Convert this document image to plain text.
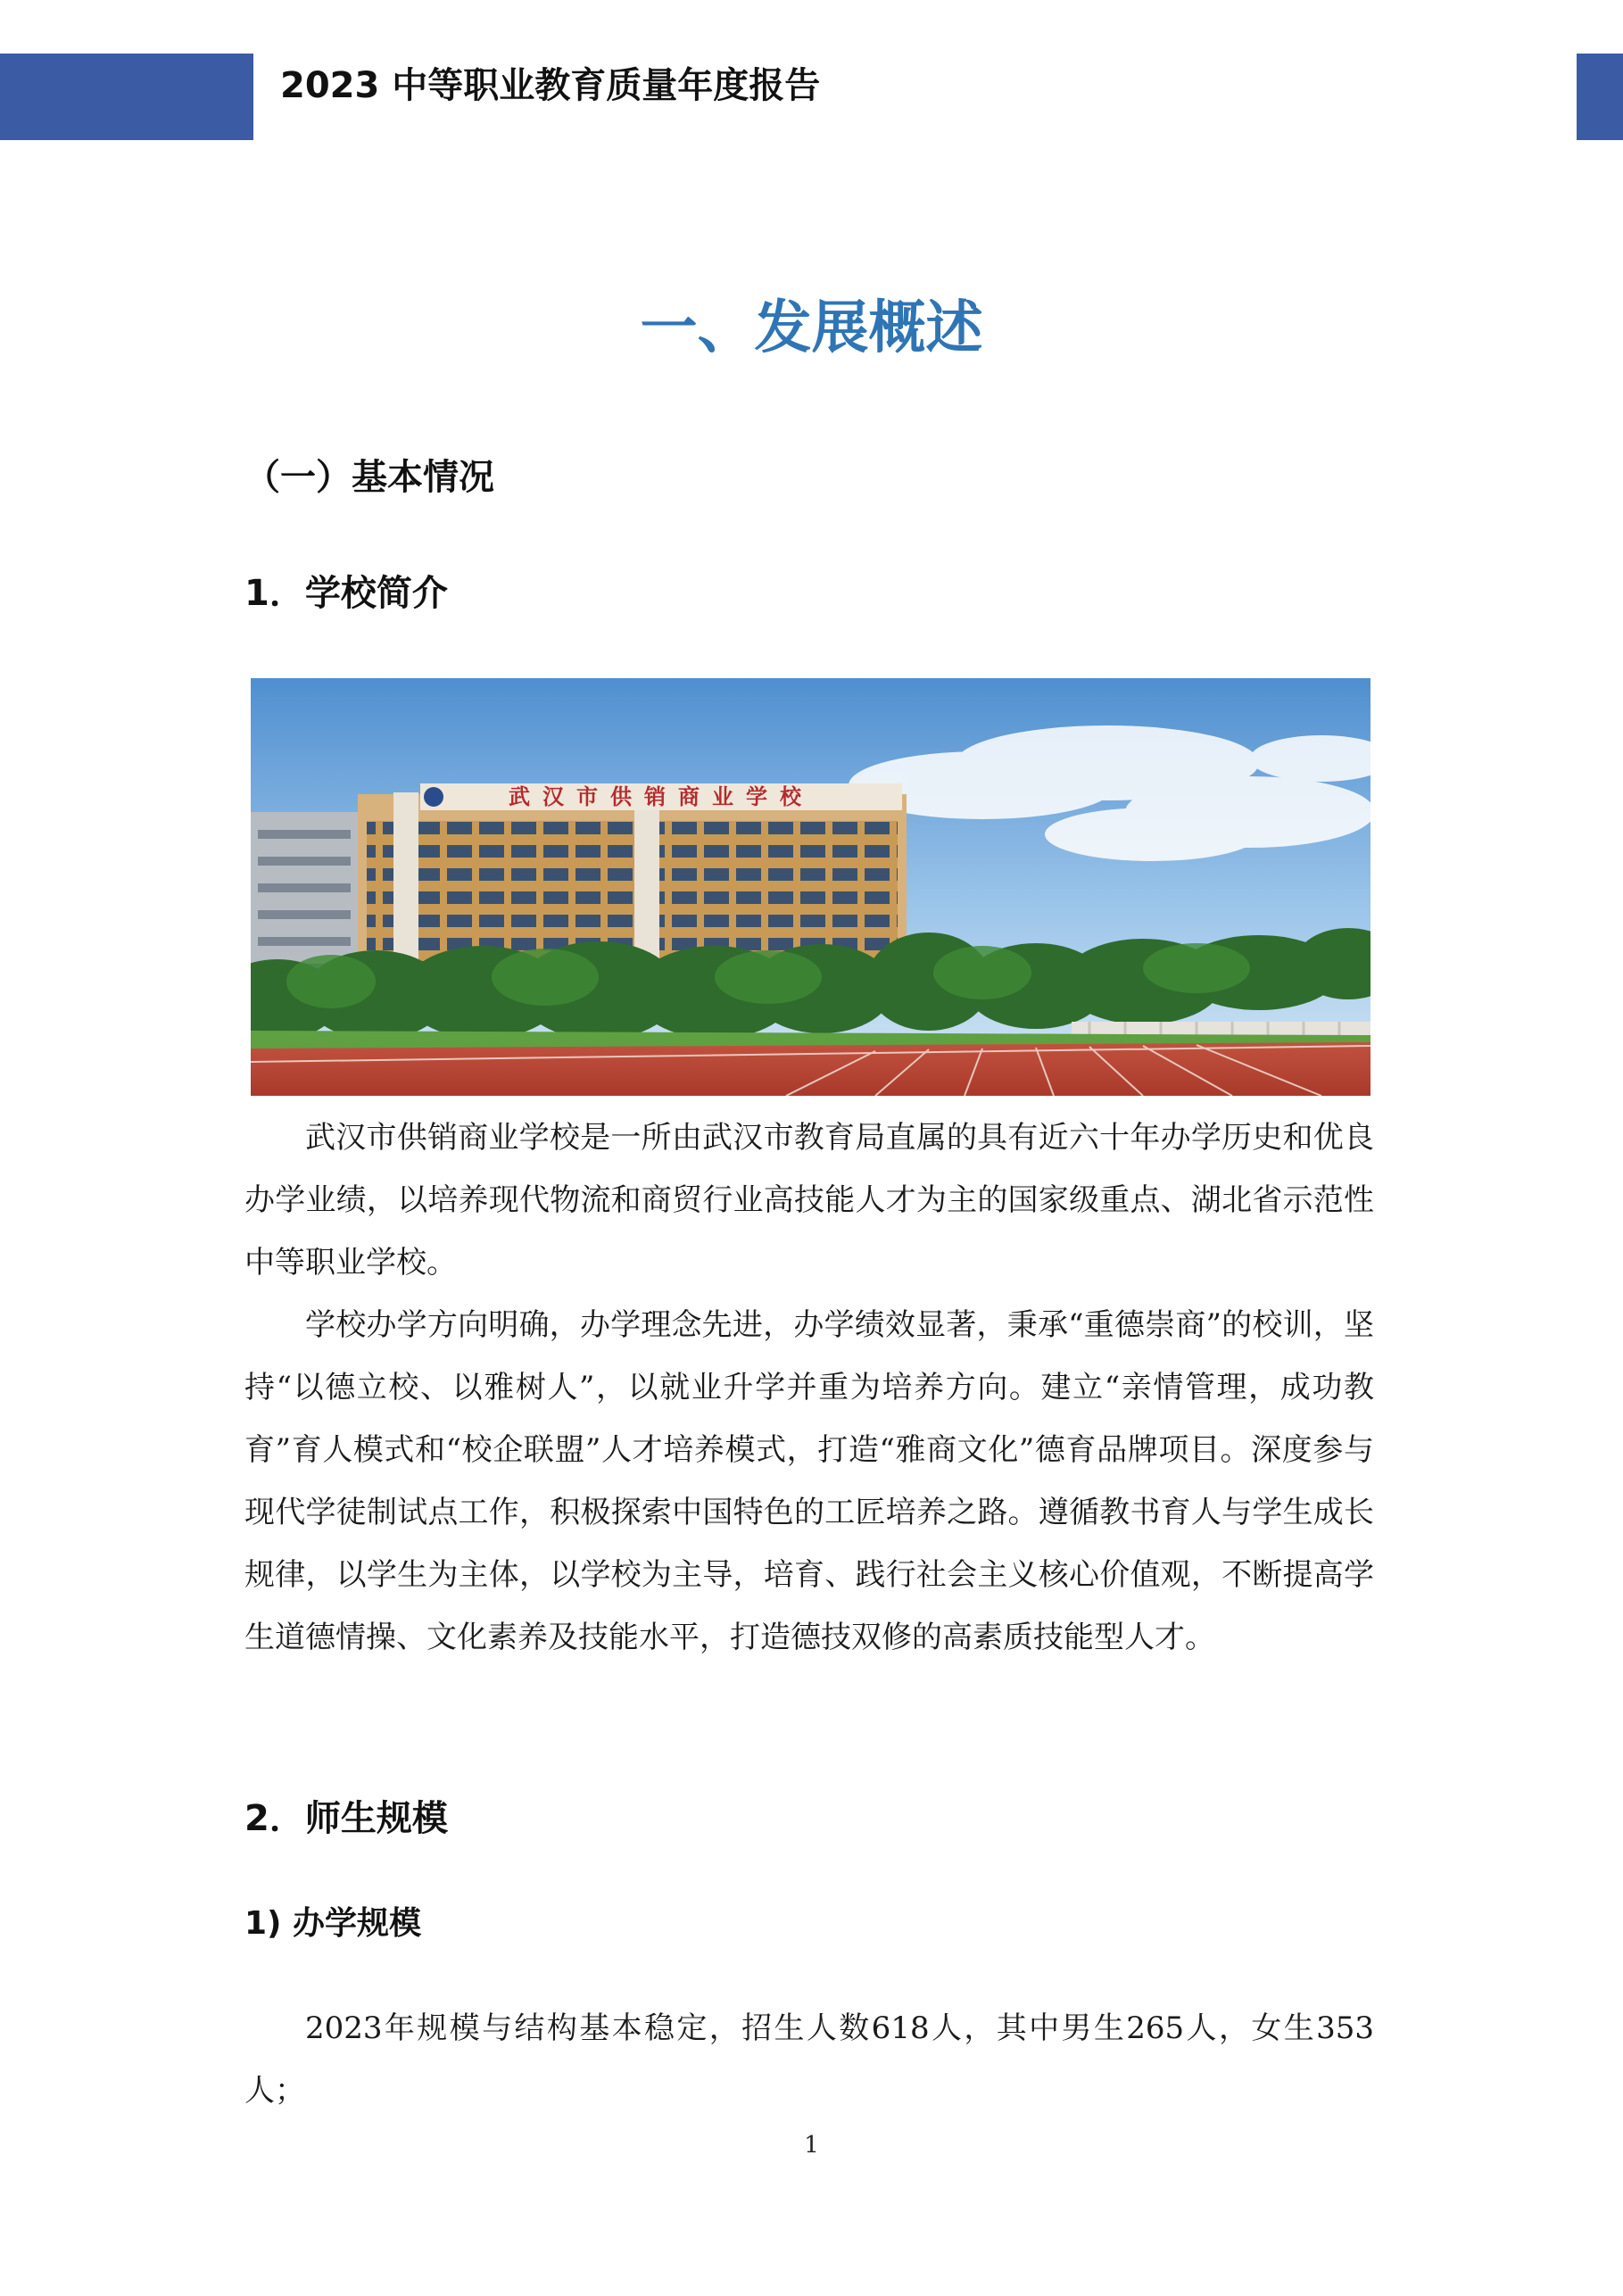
2023 中等职业教育质量年度报告
一、发展概述
（一）基本情况
1．学校简介
武汉市供销商业学校

武汉市供销商业学校是一所由武汉市教育局直属的具有近六十年办学历史和优良办学业绩，以培养现代物流和商贸行业高技能人才为主的国家级重点、湖北省示范性中等职业学校。

学校办学方向明确，办学理念先进，办学绩效显著，秉承“重德崇商”的校训，坚持“以德立校、以雅树人”，以就业升学并重为培养方向。建立“亲情管理，成功教育”育人模式和“校企联盟”人才培养模式，打造“雅商文化”德育品牌项目。深度参与现代学徒制试点工作，积极探索中国特色的工匠培养之路。遵循教书育人与学生成长规律，以学生为主体，以学校为主导，培育、践行社会主义核心价值观，不断提高学生道德情操、文化素养及技能水平，打造德技双修的高素质技能型人才。

2．师生规模
1) 办学规模

2023年规模与结构基本稳定，招生人数618人，其中男生265人，女生353人；

1
